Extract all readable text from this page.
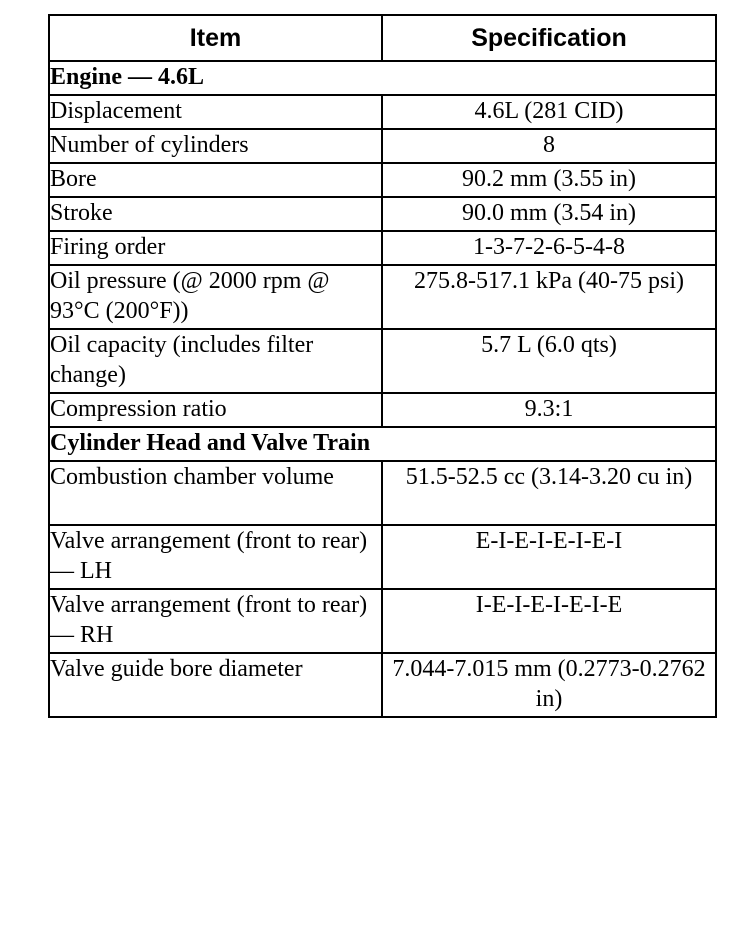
Item	Specification
Engine — 4.6L	
Displacement	4.6L (281 CID)
Number of cylinders	8
Bore	90.2 mm (3.55 in)
Stroke	90.0 mm (3.54 in)
Firing order	1-3-7-2-6-5-4-8
Oil pressure (@ 2000 rpm @ 93°C (200°F))	275.8-517.1 kPa (40-75 psi)
Oil capacity (includes filter change)	5.7 L (6.0 qts)
Compression ratio	9.3:1
Cylinder Head and Valve Train	
Combustion chamber volume	51.5-52.5 cc (3.14-3.20 cu in)
Valve arrangement (front to rear) — LH	E-I-E-I-E-I-E-I
Valve arrangement (front to rear) — RH	I-E-I-E-I-E-I-E
Valve guide bore diameter	7.044-7.015 mm (0.2773-0.2762 in)
